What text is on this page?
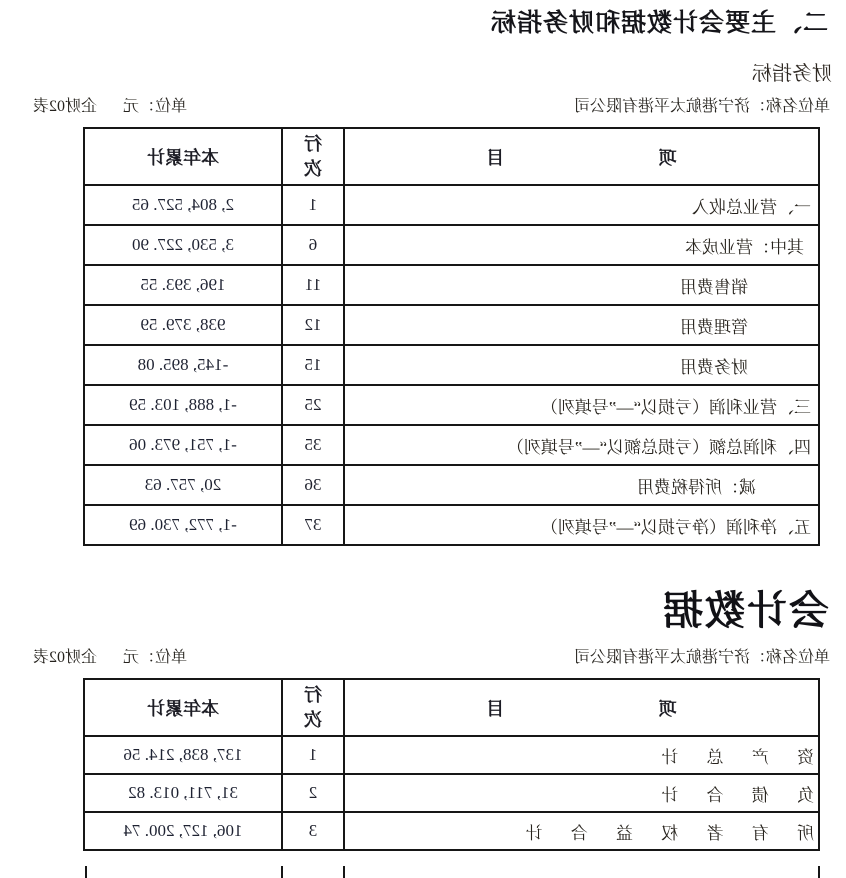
二、主要会计数据和财务指标
财务指标
单位名称：济宁港航太平港有限公司
单位：元 企财02表
项 目	行次	本年累计
一、营业总收入	1	2, 804, 527. 65
其中：营业成本	6	3, 530, 227. 90
销售费用	11	196, 393. 55
管理费用	12	938, 379. 59
财务费用	15	-145, 895. 08
三、营业利润（亏损以“—”号填列）	25	-1, 888, 103. 59
四、利润总额（亏损总额以“—”号填列）	35	-1, 751, 973. 06
减：所得税费用	36	20, 757. 63
五、净利润（净亏损以“—”号填列）	37	-1, 772, 730. 69
会计数据
单位名称：济宁港航太平港有限公司
单位：元 企财02表
项 目	行次	本年累计
资 产 总 计	1	137, 838, 214. 56
负 债 合 计	2	31, 711, 013. 82
所 有 者 权 益 合 计	3	106, 127, 200. 74
